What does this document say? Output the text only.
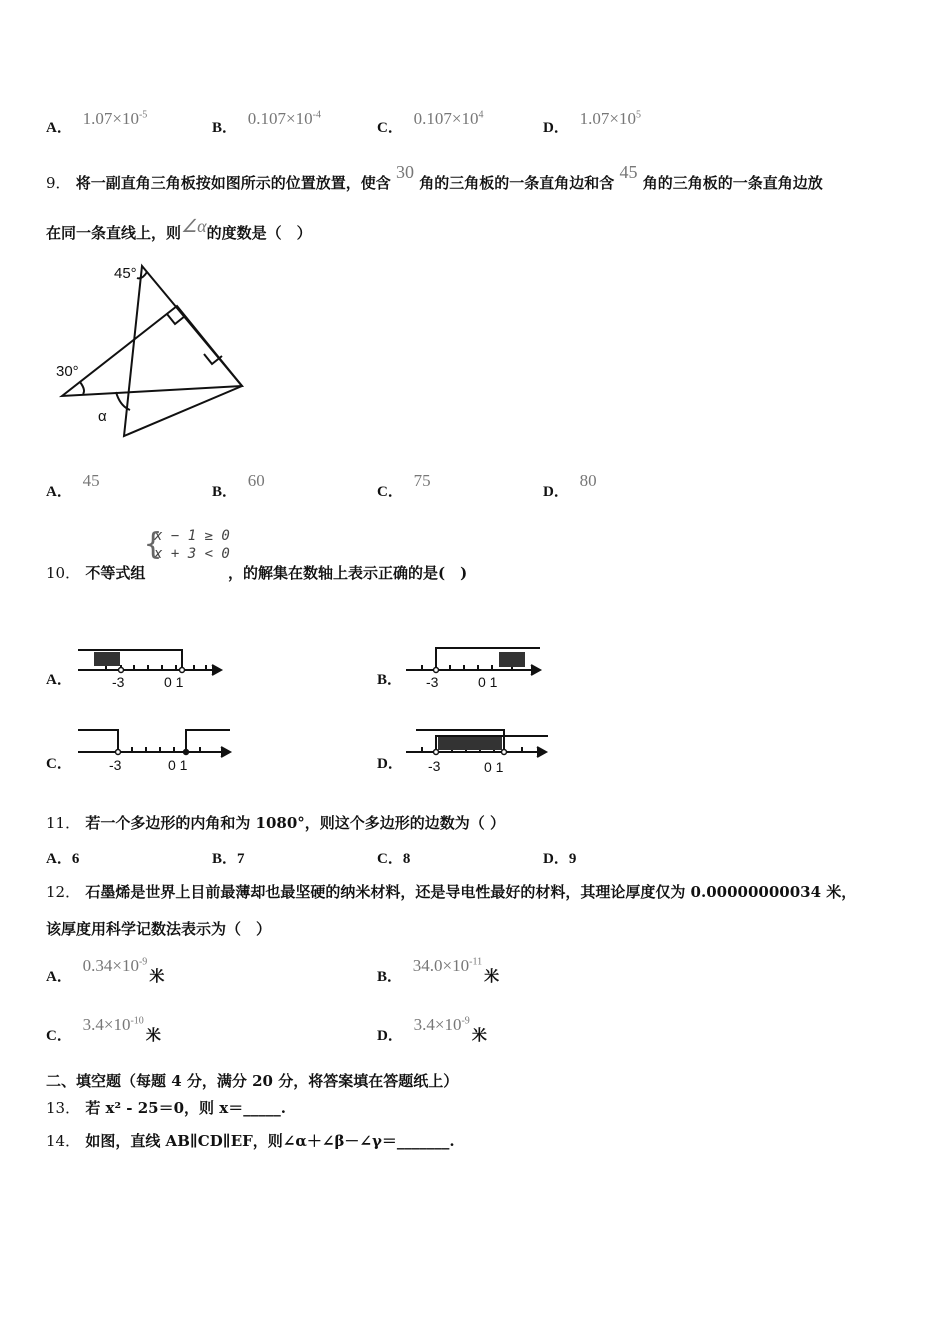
A． $1.07\times 10^{-5}$
B． $0.107\times 10^{-4}$
C． $0.107\times 10^4$
D． $1.07\times 10^5$
9． 将一副直角三角板按如图所示的位置放置，使含 30 角的三角板的一条直角边和含 45 角的三角板的一条直角边放
在同一条直线上，则∠α的度数是（　）
45°
30°
α
A． 45
B． 60
C． 75
D． 80
10． 不等式组
{
x − 1 ≥ 0
x + 3 < 0
，的解集在数轴上表示正确的是(　)
A．	-3	0 1	B． -3	0 1
C．	-3	0 1	D． -3	0 1
11． 若一个多边形的内角和为 1080°，则这个多边形的边数为（ ）
A．6	B．7	C．8	D．9
12． 石墨烯是世界上目前最薄却也最坚硬的纳米材料，还是导电性最好的材料，其理论厚度仅为 0.00000000034 米，
该厚度用科学记数法表示为（　）
A． $0.34\times 10^{-9}$米	B． $34.0\times 10^{-11}$米
C． $3.4\times 10^{-10}$米	D． $3.4\times 10^{-9}$米
二、填空题（每题 4 分，满分 20 分，将答案填在答题纸上）
13． 若 x² - 25＝0，则 x＝_____.
14． 如图，直线 AB∥CD∥EF，则∠α＋∠β－∠γ＝_______.
